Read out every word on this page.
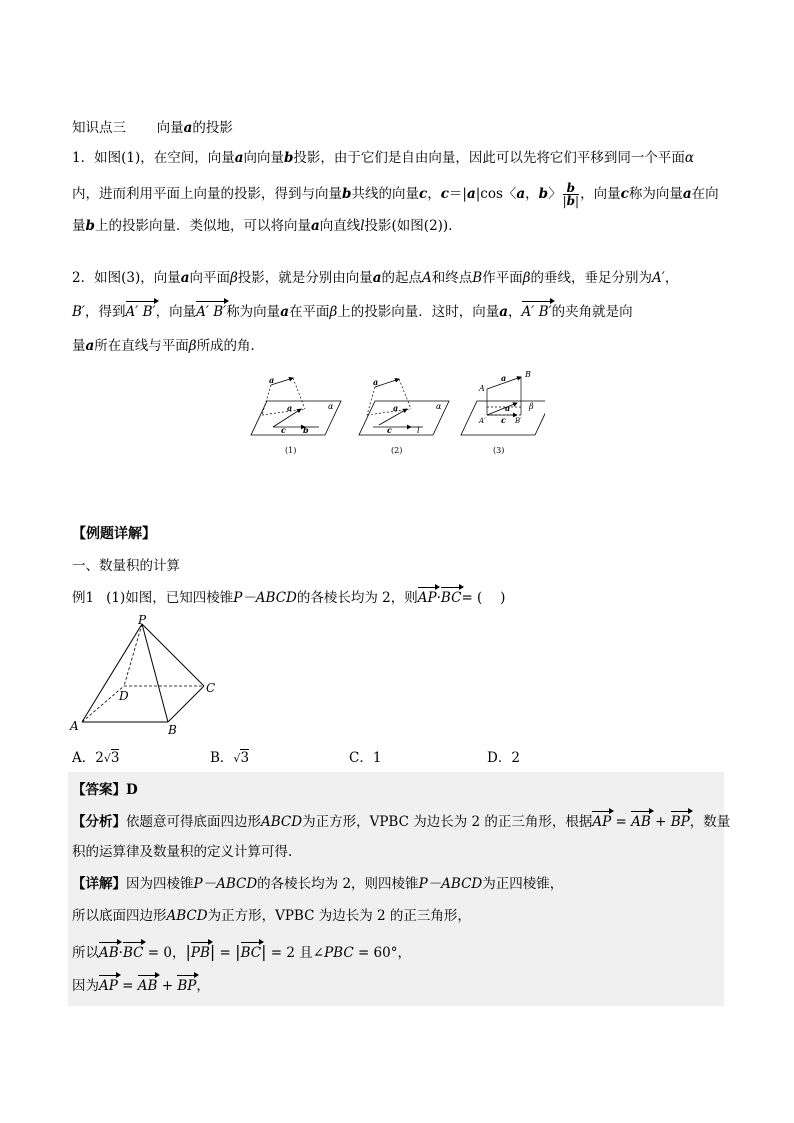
知识点三 向量a的投影
1．如图(1)，在空间，向量a向向量b投影，由于它们是自由向量，因此可以先将它们平移到同一个平面α
内，进而利用平面上向量的投影，得到与向量b共线的向量c，c＝|a|cos〈a，b〉 $\frac{b}{|b|}$ ，向量c称为向量a在向
量b上的投影向量．类似地，可以将向量a向直线l投影(如图(2))．
2．如图(3)，向量a向平面β投影，就是分别由向量a的起点A和终点B作平面β的垂线，垂足分别为A′，
B′，得到A′ B′，向量A′ B′称为向量a在平面β上的投影向量．这时，向量a，A′ B′的夹角就是向
量a所在直线与平面β所成的角．
a
a	α
c b
(1)
a
a	α
c	l
(2)
A
B
a
a β
A′ c B′
(3)
【例题详解】
一、数量积的计算
例1 (1)如图，已知四棱锥P－ABCD的各棱长均为 2，则AP·BC= (　 )
P
A	B
C
D
A．2√3	B．√3	C．1	D．2
【答案】D
【分析】依题意可得底面四边形ABCD为正方形，VPBC 为边长为 2 的正三角形，根据AP = AB + BP，数量
积的运算律及数量积的定义计算可得.
【详解】因为四棱锥P－ABCD的各棱长均为 2，则四棱锥P－ABCD为正四棱锥，
所以底面四边形ABCD为正方形，VPBC 为边长为 2 的正三角形，
所以AB·BC = 0，|PB| = |BC| = 2 且∠PBC = 60°，
因为AP = AB + BP，
